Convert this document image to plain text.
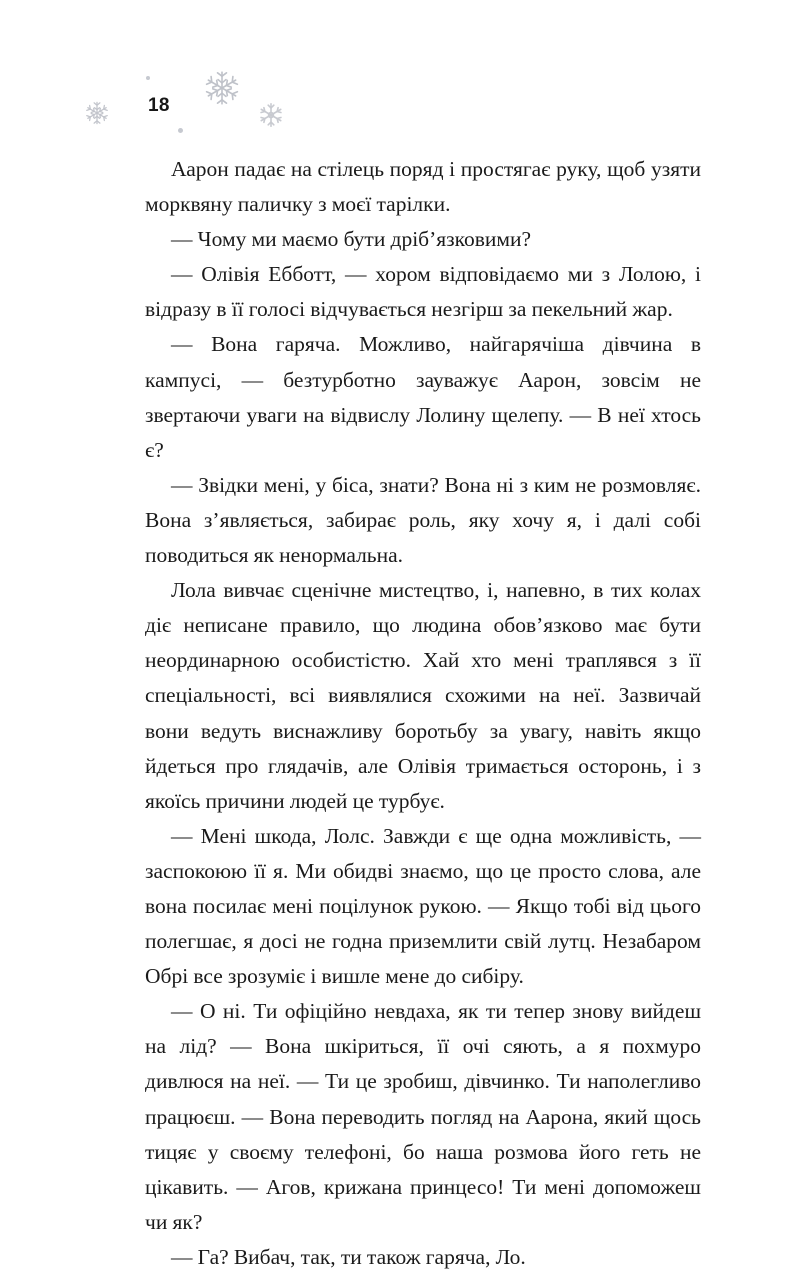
18

Аарон падає на стілець поряд і простягає руку, щоб узяти морквяну паличку з моєї тарілки.

— Чому ми маємо бути дріб’язковими?

— Олівія Ебботт, — хором відповідаємо ми з Лолою, і відразу в її голосі відчувається незгірш за пекельний жар.

— Вона гаряча. Можливо, найгарячіша дівчина в кампусі, — безтурботно зауважує Аарон, зовсім не звертаючи уваги на відвислу Лолину щелепу. — В неї хтось є?

— Звідки мені, у біса, знати? Вона ні з ким не розмовляє. Вона з’являється, забирає роль, яку хочу я, і далі собі поводиться як ненормальна.

Лола вивчає сценічне мистецтво, і, напевно, в тих колах діє неписане правило, що людина обов’язково має бути неординарною особистістю. Хай хто мені траплявся з її спеціальності, всі виявлялися схожими на неї. Зазвичай вони ведуть виснажливу боротьбу за увагу, навіть якщо йдеться про глядачів, але Олівія тримається осторонь, і з якоїсь причини людей це турбує.

— Мені шкода, Лолс. Завжди є ще одна можливість, — заспокоюю її я. Ми обидві знаємо, що це просто слова, але вона посилає мені поцілунок рукою. — Якщо тобі від цього полегшає, я досі не годна приземлити свій лутц. Незабаром Обрі все зрозуміє і вишле мене до сибіру.

— О ні. Ти офіційно невдаха, як ти тепер знову вийдеш на лід? — Вона шкіриться, її очі сяють, а я похмуро дивлюся на неї. — Ти це зробиш, дівчинко. Ти наполегливо працюєш. — Вона переводить погляд на Аарона, який щось тицяє у своєму телефоні, бо наша розмова його геть не цікавить. — Агов, крижана принцесо! Ти мені допоможеш чи як?

— Га? Вибач, так, ти також гаряча, Ло.
